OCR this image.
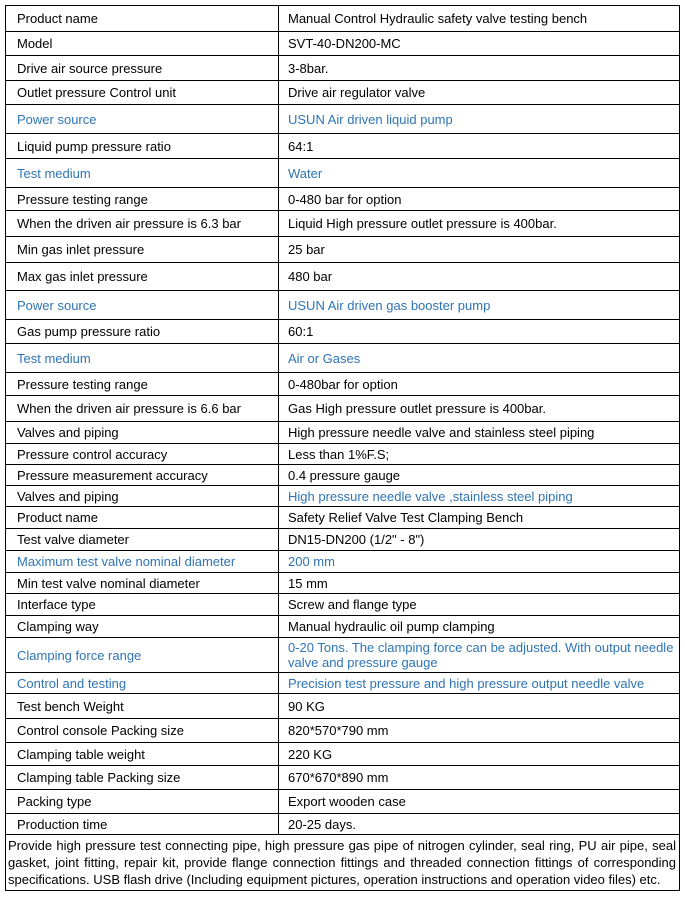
Product name	Manual Control Hydraulic safety valve testing bench
Model	SVT-40-DN200-MC
Drive air source pressure	3-8bar.
Outlet pressure Control unit	Drive air regulator valve
Power source	USUN Air driven liquid pump
Liquid pump pressure ratio	64:1
Test medium	Water
Pressure testing range	0-480 bar for option
When the driven air pressure is 6.3 bar	Liquid High pressure outlet pressure is 400bar.
Min gas inlet pressure	25 bar
Max gas inlet pressure	480 bar
Power source	USUN Air driven gas booster pump
Gas pump pressure ratio	60:1
Test medium	Air or Gases
Pressure testing range	0-480bar for option
When the driven air pressure is 6.6 bar	Gas High pressure outlet pressure is 400bar.
Valves and piping	High pressure needle valve and stainless steel piping
Pressure control accuracy	Less than 1%F.S;
Pressure measurement accuracy	0.4 pressure gauge
Valves and piping	High pressure needle valve ,stainless steel piping
Product name	Safety Relief Valve Test Clamping Bench
Test valve diameter	DN15-DN200 (1/2" - 8")
Maximum test valve nominal diameter	200 mm
Min test valve nominal diameter	15 mm
Interface type	Screw and flange type
Clamping way	Manual hydraulic oil pump clamping
Clamping force range	0-20 Tons. The clamping force can be adjusted. With output needle valve and pressure gauge
Control and testing	Precision test pressure and high pressure output needle valve
Test bench Weight	90 KG
Control console Packing size	820*570*790 mm
Clamping table weight	220 KG
Clamping table Packing size	670*670*890 mm
Packing type	Export wooden case
Production time	20-25 days.
Provide high pressure test connecting pipe, high pressure gas pipe of nitrogen cylinder, seal ring, PU air pipe, seal gasket, joint fitting, repair kit, provide flange connection fittings and threaded connection fittings of corresponding specifications. USB flash drive (Including equipment pictures, operation instructions and operation video files) etc.
